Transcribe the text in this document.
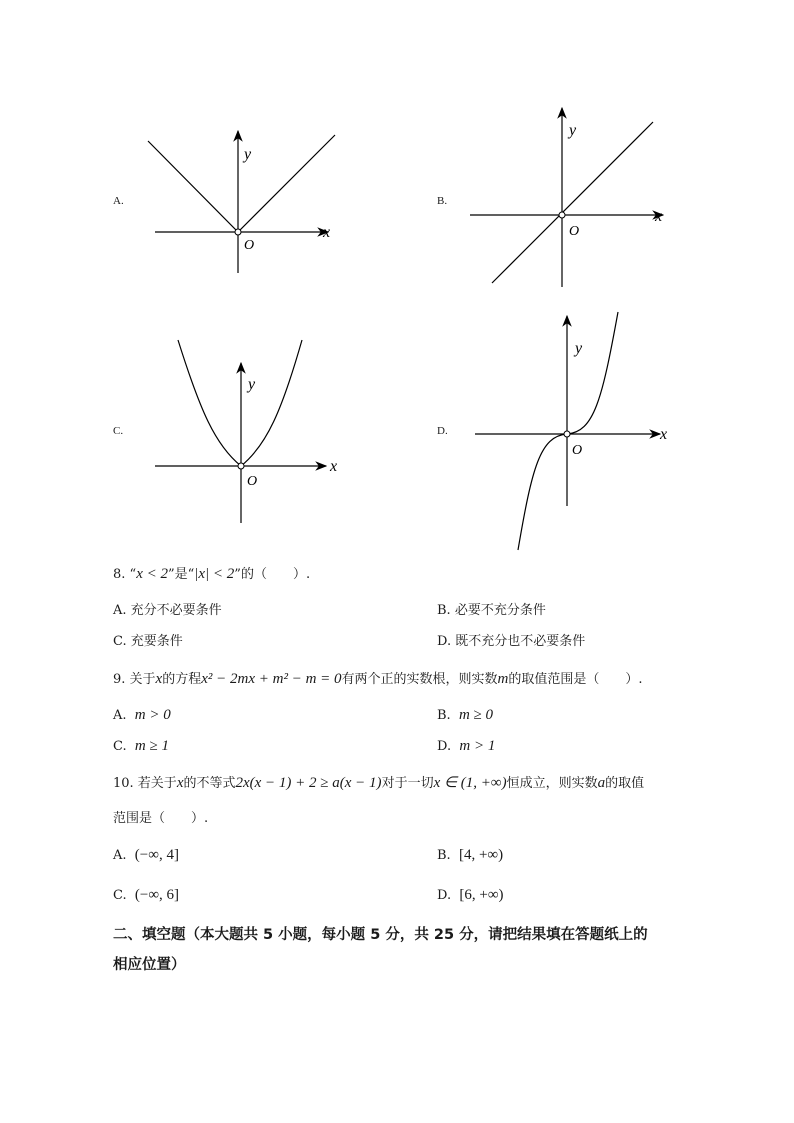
A.	B.
C.	D.
y
x
O
y
x
O
y
x
O
y
x
O
8. “x < 2”是“|x| < 2”的（　　）.
A. 充分不必要条件	B. 必要不充分条件
C. 充要条件	D. 既不充分也不必要条件
9. 关于x的方程x² − 2mx + m² − m = 0有两个正的实数根，则实数m的取值范围是（　　）.
A. m > 0	B. m ≥ 0
C. m ≥ 1	D. m > 1
10. 若关于x的不等式2x(x − 1) + 2 ≥ a(x − 1)对于一切x ∈ (1, +∞)恒成立，则实数a的取值
范围是（　　）.
A. (−∞, 4]	B. [4, +∞)
C. (−∞, 6]	D. [6, +∞)
二、填空题（本大题共 5 小题，每小题 5 分，共 25 分，请把结果填在答题纸上的
相应位置）
